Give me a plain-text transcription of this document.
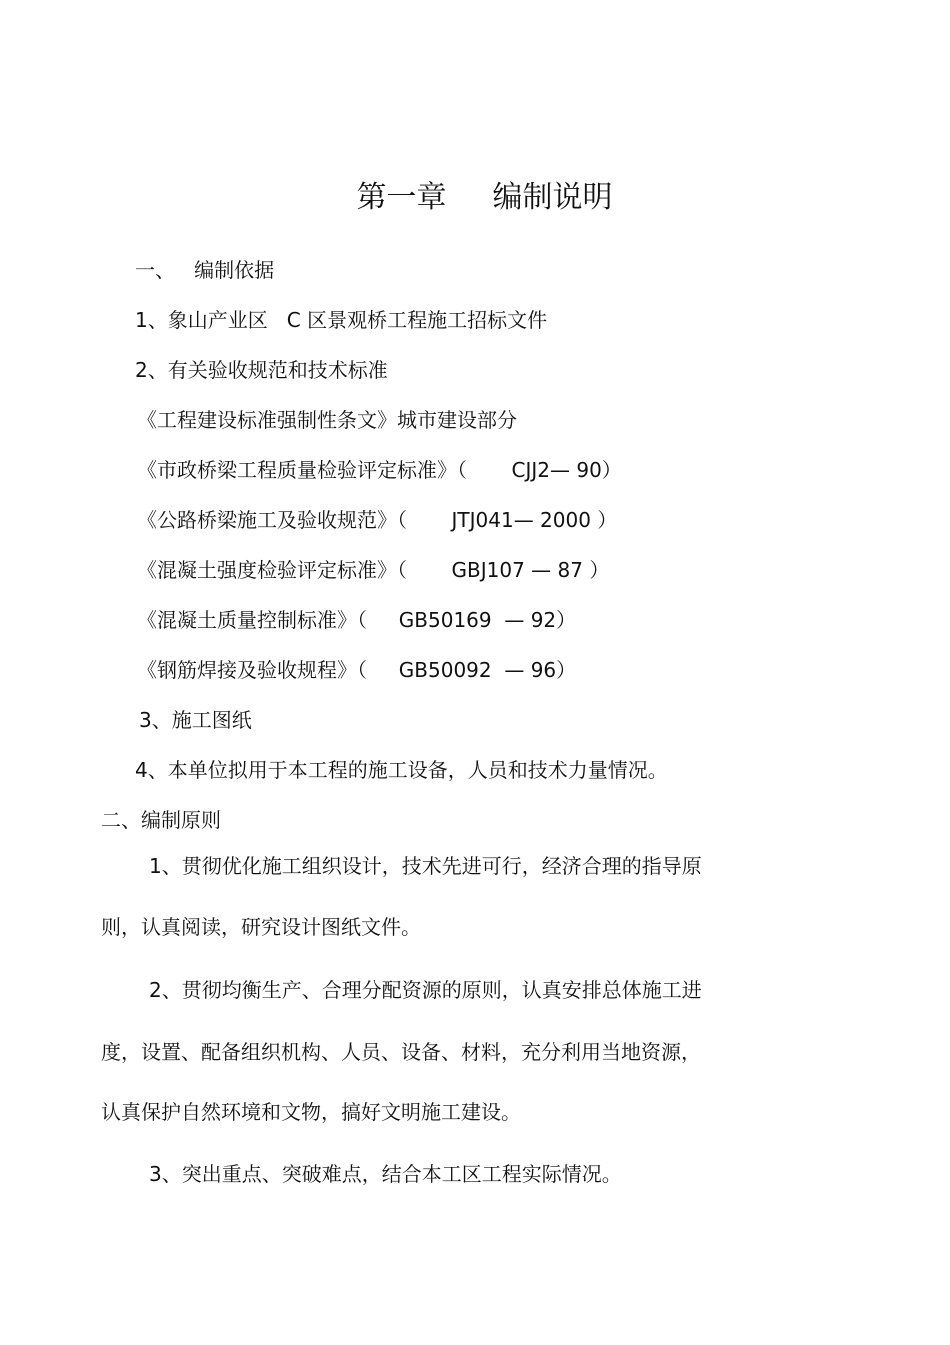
第一章 编制说明

一、   编制依据
1、象山产业区   C 区景观桥工程施工招标文件
2、有关验收规范和技术标准
《工程建设标准强制性条文》城市建设部分
《市政桥梁工程质量检验评定标准》（       CJJ2— 90）
《公路桥梁施工及验收规范》（       JTJ041— 2000 ）
《混凝土强度检验评定标准》（       GBJ107 — 87 ）
《混凝土质量控制标准》（     GB50169  — 92）
《钢筋焊接及验收规程》（     GB50092  — 96）
3、施工图纸
4、本单位拟用于本工程的施工设备，人员和技术力量情况。
二、编制原则
1、贯彻优化施工组织设计，技术先进可行，经济合理的指导原
则，认真阅读，研究设计图纸文件。
2、贯彻均衡生产、合理分配资源的原则，认真安排总体施工进
度，设置、配备组织机构、人员、设备、材料，充分利用当地资源，
认真保护自然环境和文物，搞好文明施工建设。
3、突出重点、突破难点，结合本工区工程实际情况。
